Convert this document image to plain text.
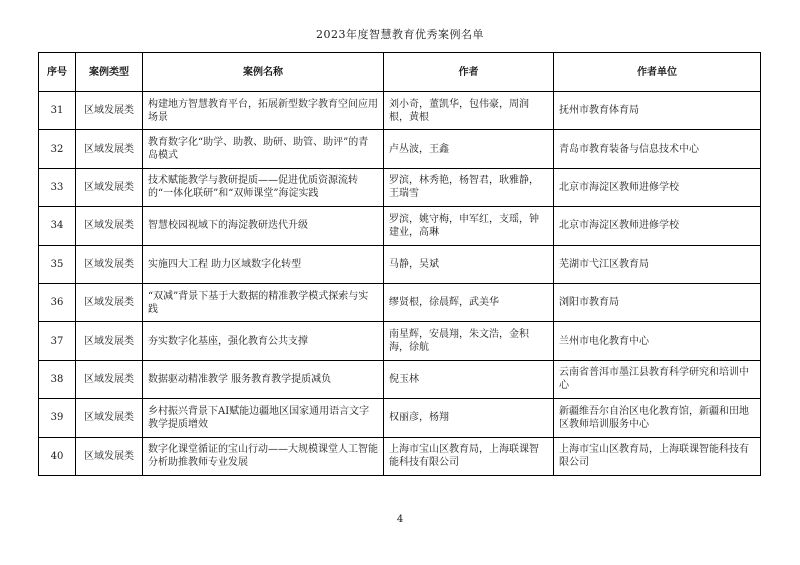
2023年度智慧教育优秀案例名单
序号	案例类型	案例名称	作者	作者单位
31	区域发展类	构建地方智慧教育平台，拓展新型数字教育空间应用场景	刘小奇，董凯华，包伟豪，周润根，黄根	抚州市教育体育局
32	区域发展类	教育数字化“助学、助教、助研、助管、助评”的青岛模式	卢丛波，王鑫	青岛市教育装备与信息技术中心
33	区域发展类	技术赋能教学与教研提质——促进优质资源流转的“一体化联研”和“双师课堂”海淀实践	罗滨，林秀艳，杨智君，耿雅静，王瑞雪	北京市海淀区教师进修学校
34	区域发展类	智慧校园视域下的海淀教研迭代升级	罗滨，姚守梅，申军红，支瑶，钟建业，高琳	北京市海淀区教师进修学校
35	区域发展类	实施四大工程 助力区域数字化转型	马静，吴斌	芜湖市弋江区教育局
36	区域发展类	“双减”背景下基于大数据的精准教学模式探索与实践	缪贤根，徐晨辉，武美华	浏阳市教育局
37	区域发展类	夯实数字化基座，强化教育公共支撑	南星辉，安晨翔，朱文浩，金积海，徐航	兰州市电化教育中心
38	区域发展类	数据驱动精准教学 服务教育教学提质减负	倪玉林	云南省普洱市墨江县教育科学研究和培训中心
39	区域发展类	乡村振兴背景下AI赋能边疆地区国家通用语言文字教学提质增效	权丽彦，杨翔	新疆维吾尔自治区电化教育馆，新疆和田地区教师培训服务中心
40	区域发展类	数字化课堂循证的宝山行动——大规模课堂人工智能分析助推教师专业发展	上海市宝山区教育局，上海联课智能科技有限公司	上海市宝山区教育局，上海联课智能科技有限公司
4
